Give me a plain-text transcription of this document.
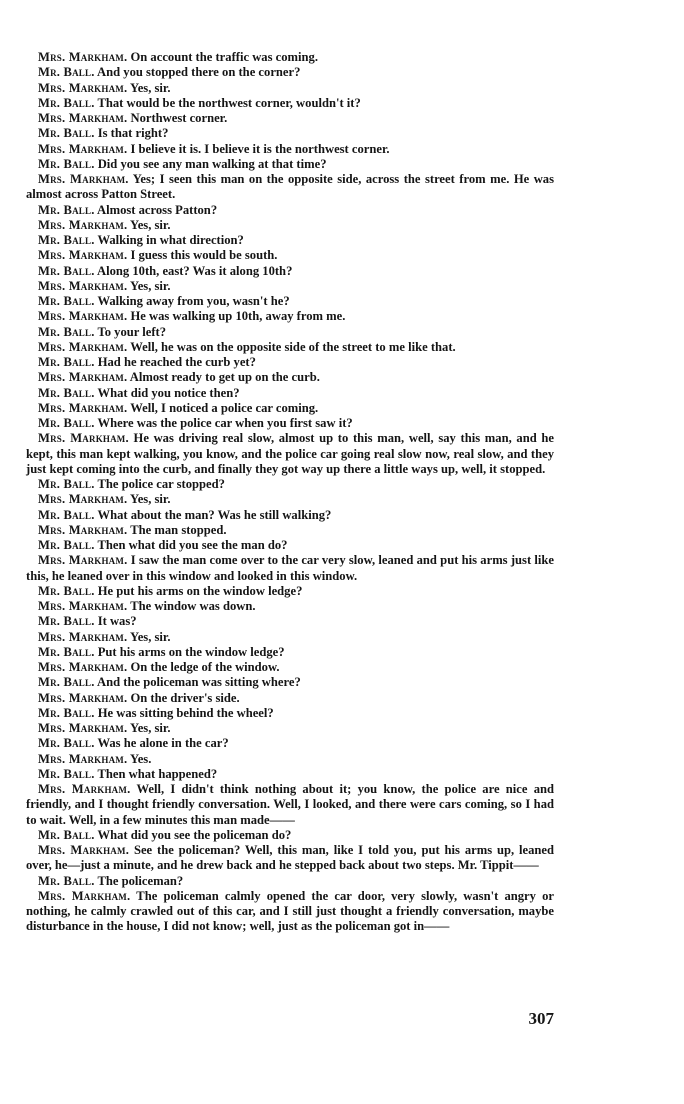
Mrs. Markham. On account the traffic was coming.

Mr. Ball. And you stopped there on the corner?

Mrs. Markham. Yes, sir.

Mr. Ball. That would be the northwest corner, wouldn't it?

Mrs. Markham. Northwest corner.

Mr. Ball. Is that right?

Mrs. Markham. I believe it is. I believe it is the northwest corner.

Mr. Ball. Did you see any man walking at that time?

Mrs. Markham. Yes; I seen this man on the opposite side, across the street from me. He was almost across Patton Street.

Mr. Ball. Almost across Patton?

Mrs. Markham. Yes, sir.

Mr. Ball. Walking in what direction?

Mrs. Markham. I guess this would be south.

Mr. Ball. Along 10th, east? Was it along 10th?

Mrs. Markham. Yes, sir.

Mr. Ball. Walking away from you, wasn't he?

Mrs. Markham. He was walking up 10th, away from me.

Mr. Ball. To your left?

Mrs. Markham. Well, he was on the opposite side of the street to me like that.

Mr. Ball. Had he reached the curb yet?

Mrs. Markham. Almost ready to get up on the curb.

Mr. Ball. What did you notice then?

Mrs. Markham. Well, I noticed a police car coming.

Mr. Ball. Where was the police car when you first saw it?

Mrs. Markham. He was driving real slow, almost up to this man, well, say this man, and he kept, this man kept walking, you know, and the police car going real slow now, real slow, and they just kept coming into the curb, and finally they got way up there a little ways up, well, it stopped.

Mr. Ball. The police car stopped?

Mrs. Markham. Yes, sir.

Mr. Ball. What about the man? Was he still walking?

Mrs. Markham. The man stopped.

Mr. Ball. Then what did you see the man do?

Mrs. Markham. I saw the man come over to the car very slow, leaned and put his arms just like this, he leaned over in this window and looked in this window.

Mr. Ball. He put his arms on the window ledge?

Mrs. Markham. The window was down.

Mr. Ball. It was?

Mrs. Markham. Yes, sir.

Mr. Ball. Put his arms on the window ledge?

Mrs. Markham. On the ledge of the window.

Mr. Ball. And the policeman was sitting where?

Mrs. Markham. On the driver's side.

Mr. Ball. He was sitting behind the wheel?

Mrs. Markham. Yes, sir.

Mr. Ball. Was he alone in the car?

Mrs. Markham. Yes.

Mr. Ball. Then what happened?

Mrs. Markham. Well, I didn't think nothing about it; you know, the police are nice and friendly, and I thought friendly conversation. Well, I looked, and there were cars coming, so I had to wait. Well, in a few minutes this man made——

Mr. Ball. What did you see the policeman do?

Mrs. Markham. See the policeman? Well, this man, like I told you, put his arms up, leaned over, he—just a minute, and he drew back and he stepped back about two steps. Mr. Tippit——

Mr. Ball. The policeman?

Mrs. Markham. The policeman calmly opened the car door, very slowly, wasn't angry or nothing, he calmly crawled out of this car, and I still just thought a friendly conversation, maybe disturbance in the house, I did not know; well, just as the policeman got in——

307
